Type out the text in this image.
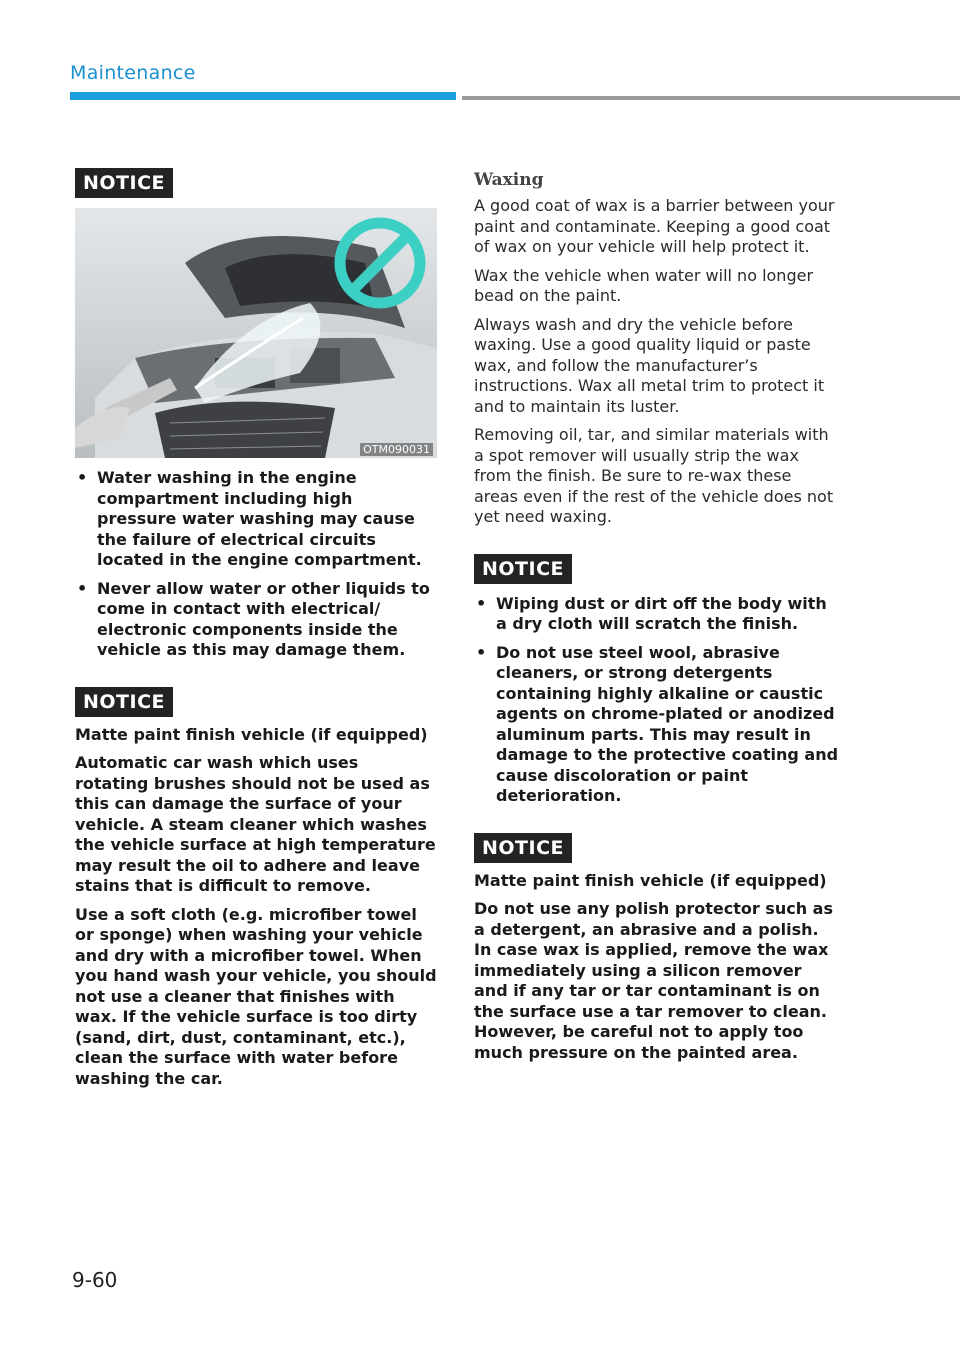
Maintenance
NOTICE
OTM090031
• Water washing in the engine compartment including high pressure water washing may cause the failure of electrical circuits located in the engine compartment.
• Never allow water or other liquids to come in contact with electrical/ electronic components inside the vehicle as this may damage them.
NOTICE

Matte paint finish vehicle (if equipped)

Automatic car wash which uses rotating brushes should not be used as this can damage the surface of your vehicle. A steam cleaner which washes the vehicle surface at high temperature may result the oil to adhere and leave stains that is difficult to remove.

Use a soft cloth (e.g. microfiber towel or sponge) when washing your vehicle and dry with a microfiber towel. When you hand wash your vehicle, you should not use a cleaner that finishes with wax. If the vehicle surface is too dirty (sand, dirt, dust, contaminant, etc.), clean the surface with water before washing the car.

Waxing

A good coat of wax is a barrier between your paint and contaminate. Keeping a good coat of wax on your vehicle will help protect it.

Wax the vehicle when water will no longer bead on the paint.

Always wash and dry the vehicle before waxing. Use a good quality liquid or paste wax, and follow the manufacturer’s instructions. Wax all metal trim to protect it and to maintain its luster.

Removing oil, tar, and similar materials with a spot remover will usually strip the wax from the finish. Be sure to re-wax these areas even if the rest of the vehicle does not yet need waxing.

NOTICE
• Wiping dust or dirt off the body with a dry cloth will scratch the finish.
• Do not use steel wool, abrasive cleaners, or strong detergents containing highly alkaline or caustic agents on chrome-plated or anodized aluminum parts. This may result in damage to the protective coating and cause discoloration or paint deterioration.
NOTICE

Matte paint finish vehicle (if equipped)

Do not use any polish protector such as a detergent, an abrasive and a polish. In case wax is applied, remove the wax immediately using a silicon remover and if any tar or tar contaminant is on the surface use a tar remover to clean. However, be careful not to apply too much pressure on the painted area.

9-60
